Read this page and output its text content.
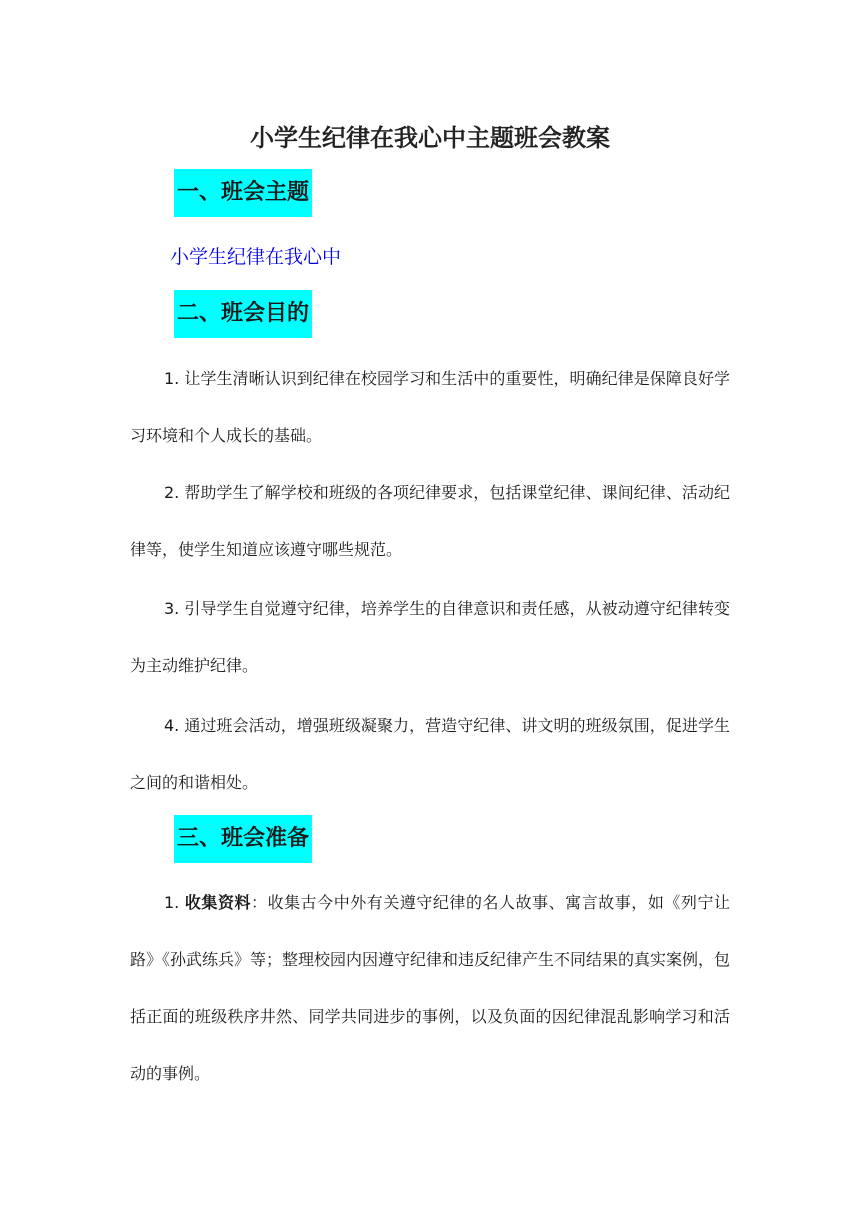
小学生纪律在我心中主题班会教案
一、班会主题
小学生纪律在我心中
二、班会目的
1. 让学生清晰认识到纪律在校园学习和生活中的重要性，明确纪律是保障良好学习环境和个人成长的基础。
2. 帮助学生了解学校和班级的各项纪律要求，包括课堂纪律、课间纪律、活动纪律等，使学生知道应该遵守哪些规范。
3. 引导学生自觉遵守纪律，培养学生的自律意识和责任感，从被动遵守纪律转变为主动维护纪律。
4. 通过班会活动，增强班级凝聚力，营造守纪律、讲文明的班级氛围，促进学生之间的和谐相处。
三、班会准备
1. 收集资料：收集古今中外有关遵守纪律的名人故事、寓言故事，如《列宁让路》《孙武练兵》等；整理校园内因遵守纪律和违反纪律产生不同结果的真实案例，包括正面的班级秩序井然、同学共同进步的事例，以及负面的因纪律混乱影响学习和活动的事例。
